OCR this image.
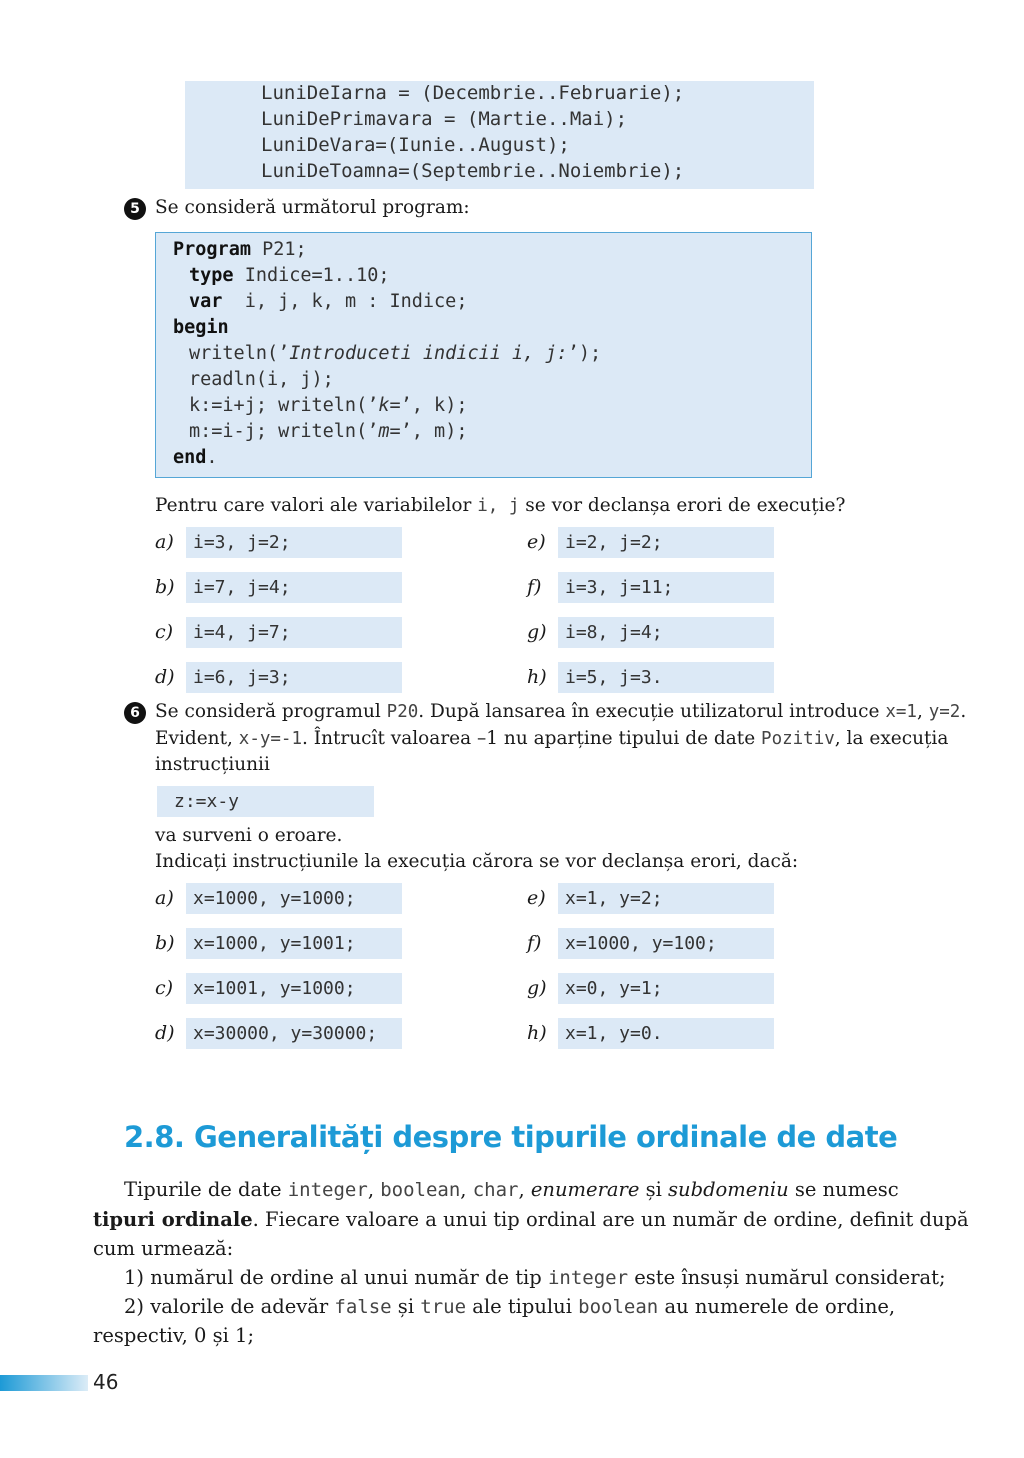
LuniDeIarna = (Decembrie..Februarie);
LuniDePrimavara = (Martie..Mai);
LuniDeVara=(Iunie..August);
LuniDeToamna=(Septembrie..Noiembrie);
5 Se consideră următorul program:
Program P21;
type Indice=1..10;
var  i, j, k, m : Indice;
begin
writeln(’Introduceti indicii i, j:’);
readln(i, j);
k:=i+j; writeln(’k=’, k);
m:=i-j; writeln(’m=’, m);
end.
Pentru care valori ale variabilelor i, j se vor declanșa erori de execuție?
a)	i=3, j=2;
b)	i=7, j=4;
c)	i=4, j=7;
d)	i=6, j=3;
e)	i=2, j=2;
f)	i=3, j=11;
g)	i=8, j=4;
h)	i=5, j=3.
6 Se consideră programul P20. După lansarea în execuție utilizatorul introduce x=1, y=2.
Evident, x-y=-1. Întrucît valoarea –1 nu aparține tipului de date Pozitiv, la execuția
instrucțiunii
z:=x-y
va surveni o eroare.
Indicați instrucțiunile la execuția cărora se vor declanșa erori, dacă:
a)	x=1000, y=1000;
b)	x=1000, y=1001;
c)	x=1001, y=1000;
d)	x=30000, y=30000;
e)	x=1, y=2;
f)	x=1000, y=100;
g)	x=0, y=1;
h)	x=1, y=0.
2.8. Generalități despre tipurile ordinale de date
Tipurile de date integer, boolean, char, enumerare și subdomeniu se numesc
tipuri ordinale. Fiecare valoare a unui tip ordinal are un număr de ordine, definit după
cum urmează:
1) numărul de ordine al unui număr de tip integer este însuși numărul considerat;
2) valorile de adevăr false și true ale tipului boolean au numerele de ordine,
respectiv, 0 și 1;
46
